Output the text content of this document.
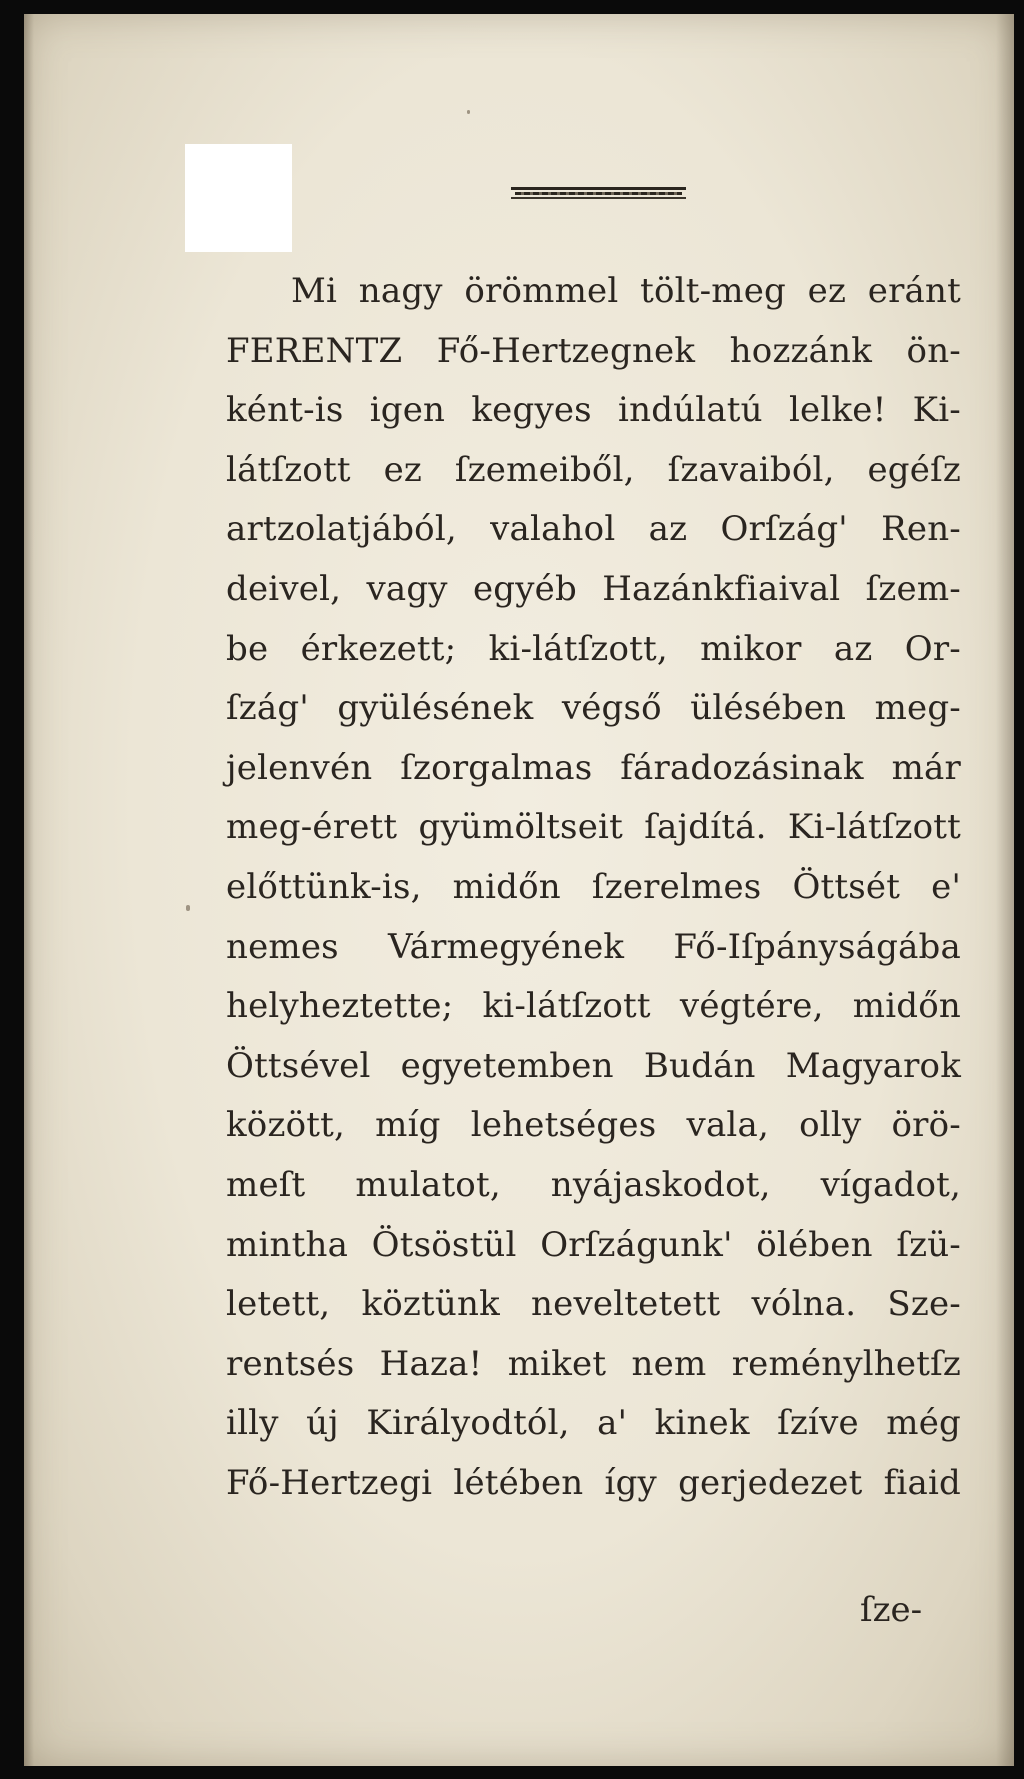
Mi nagy örömmel tölt-meg ez eránt
FERENTZ Fő-Hertzegnek hozzánk ön-
ként-is igen kegyes indúlatú lelke! Ki-
látſzott ez ſzemeiből, ſzavaiból, egéſz
artzolatjából, valahol az Orſzág' Ren-
deivel, vagy egyéb Hazánkfiaival ſzem-
be érkezett; ki-látſzott, mikor az Or-
ſzág' gyülésének végső ülésében meg-
jelenvén ſzorgalmas fáradozásinak már
meg-érett gyümöltseit ſajdítá. Ki-látſzott
előttünk-is, midőn ſzerelmes Öttsét e'
nemes Vármegyének Fő-Iſpányságába
helyheztette; ki-látſzott végtére, midőn
Öttsével egyetemben Budán Magyarok
között, míg lehetséges vala, olly örö-
meſt mulatot, nyájaskodot, vígadot,
mintha Ötsöstül Orſzágunk' ölében ſzü-
letett, köztünk neveltetett vólna. Sze-
rentsés Haza! miket nem reménylhetſz
illy új Királyodtól, a' kinek ſzíve még
Fő-Hertzegi létében így gerjedezet fiaid
ſze-
